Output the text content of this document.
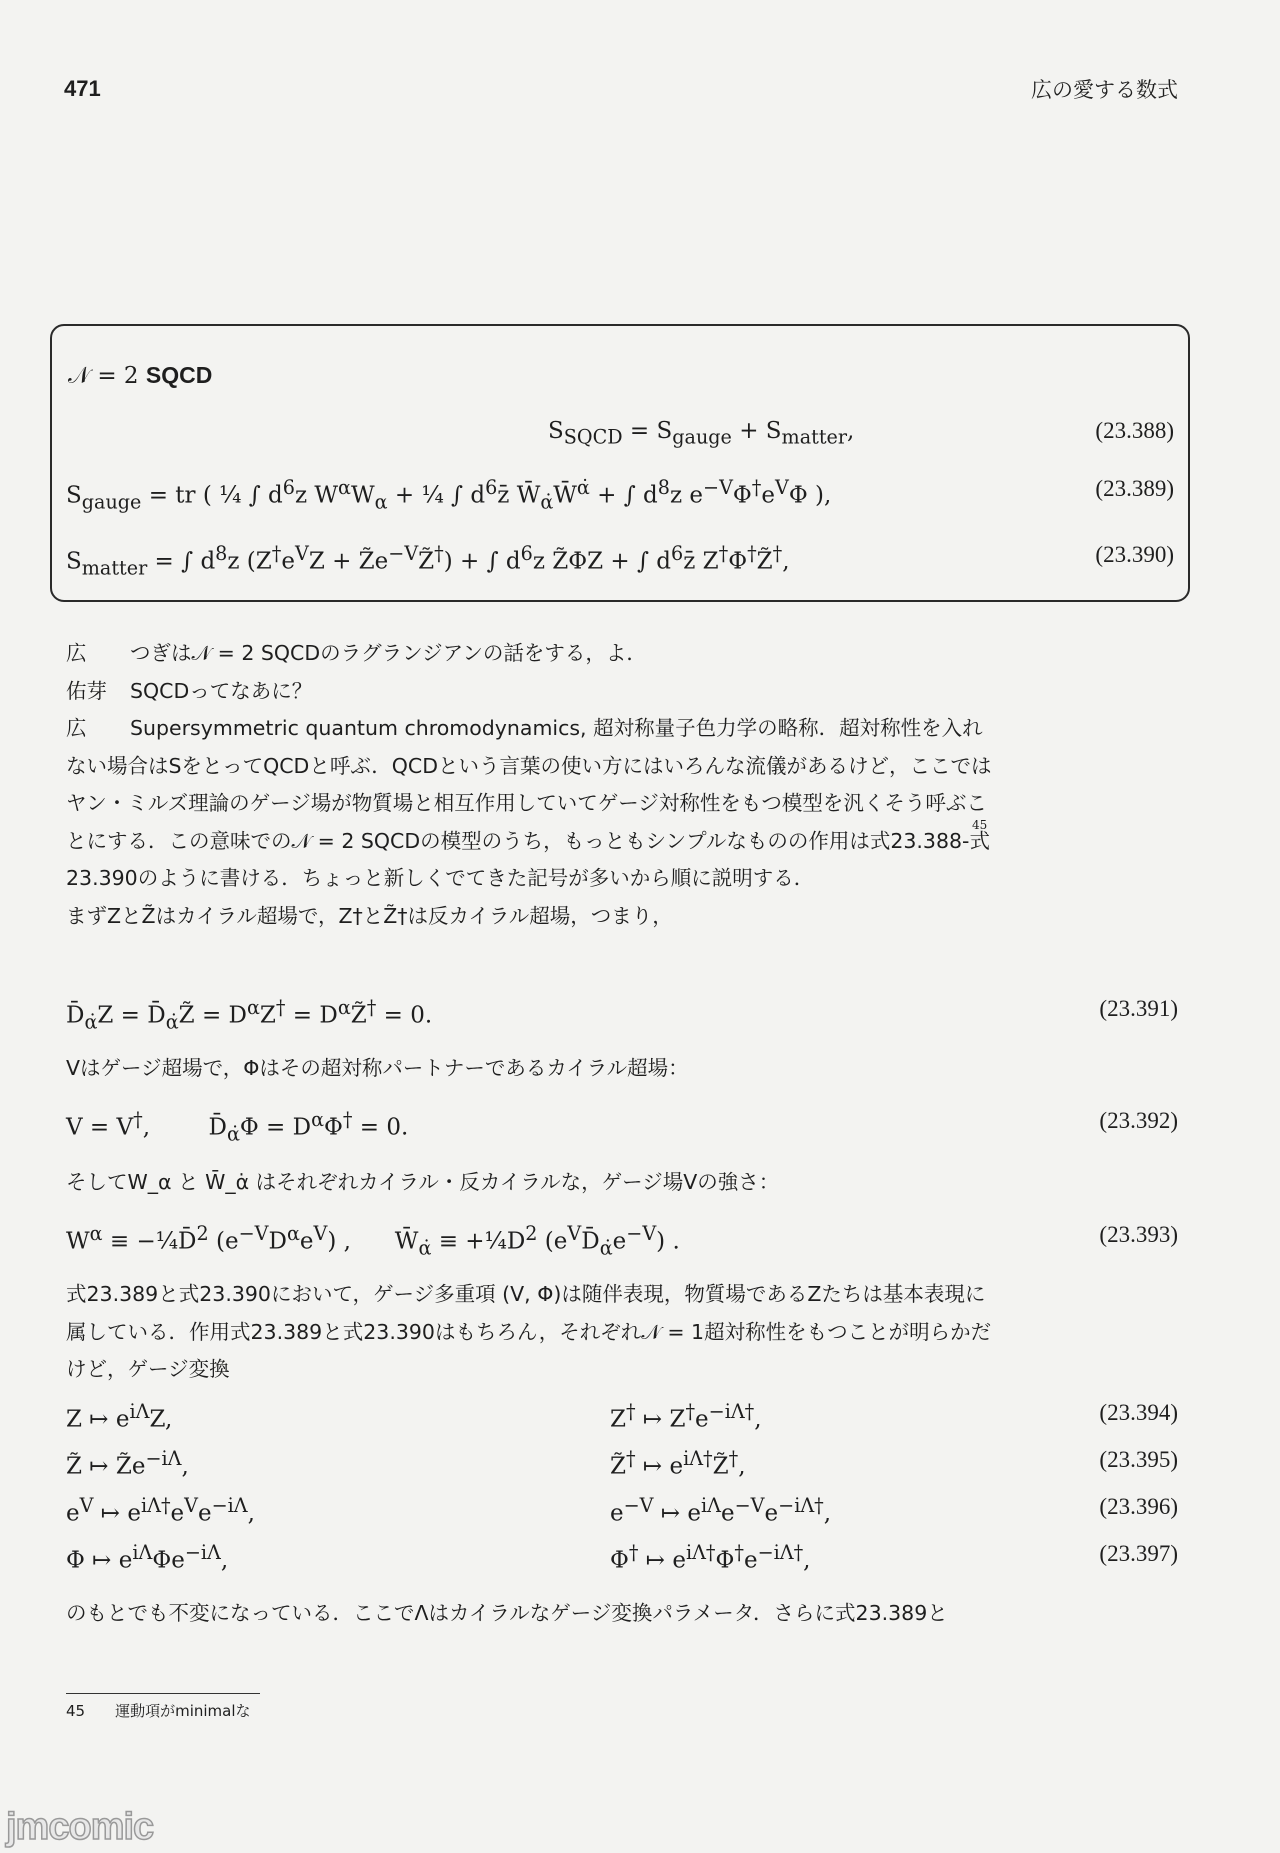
471	広の愛する数式
𝒩 = 2 SQCD
$S_{SQCD} = S_{gauge} + S_{matter}$,	(23.388)
$S_{gauge}$ = tr ( ¼ ∫ $d^6z$ $W^\alpha W_\alpha$ + ¼ ∫ $d^6z̄$ $W̄_{\alphȧ}W̄^{\alphȧ}$ + ∫ $d^8z$ $e^{-V}\Phi^\dagger e^V\Phi$ ),	(23.389)
$S_{matter}$ = ∫ $d^8z$ ($Z^\dagger e^VZ$ + $Z̃e^{-V}Z̃^\dagger$) + ∫ $d^6z$ Z̃ΦZ + ∫ $d^6z̄$ Z†Φ†Z̃†,	(23.390)

広 つぎは𝒩 = 2 SQCDのラグランジアンの話をする，よ．

佑芽 SQCDってなあに？

広 Supersymmetric quantum chromodynamics, 超対称量子色力学の略称．超対称性を入れない場合はSをとってQCDと呼ぶ．QCDという言葉の使い方にはいろんな流儀があるけど，ここではヤン・ミルズ理論のゲージ場が物質場と相互作用していてゲージ対称性をもつ模型を汎くそう呼ぶことにする．この意味での𝒩 = 2 SQCDの模型のうち，もっともシンプルなものの作用は式23.388-式23.390のように書ける．ちょっと新しくでてきた記号が多いから順に説明する．

まずZとZ̃はカイラル超場で，Z†とZ̃†は反カイラル超場，つまり，

45
$D̄_{\alphȧ}Z$ = $D̄_{\alphȧ}Z̃ = D^\alpha Z^\dagger$ = $D^\alpha Z̃^\dagger = 0$.	(23.391)
Vはゲージ超場で，Φはその超対称パートナーであるカイラル超場：
V = V†,        $D̄_{\alphȧ}\Phi = D^\alpha\Phi^\dagger = 0$.	(23.392)
そしてW_α と W̄_α̇ はそれぞれカイラル・反カイラルな，ゲージ場Vの強さ：
$W^\alpha$ ≡ −¼D̄$^2$ $(e^{-V}D^\alpha e^V)$ ,      $W̄_{\alphȧ}$ ≡ $+\frac{1}{4}D^2$ $(e^VD̄_{\alphȧ}e^{-V})$ .	(23.393)
式23.389と式23.390において，ゲージ多重項 (V, Φ)は随伴表現，物質場であるZたちは基本表現に属している．作用式23.389と式23.390はもちろん，それぞれ𝒩 = 1超対称性をもつことが明らかだけど，ゲージ変換
Z ↦ $e^{i\Lambda}Z$,	Z† ↦ $Z^\dagger e^{-i\Lambda\dagger}$,	(23.394)
Z̃ ↦ $Z̃e^{-i\Lambda}$,	Z̃† ↦ $e^{i\Lambda\dagger}Z̃^\dagger$,	(23.395)
$e^V$ ↦ $e^{i\Lambda\dagger}e^Ve^{-i\Lambda}$,	$e^{-V}$ ↦ $e^{i\Lambda}e^{-V}e^{-i\Lambda\dagger}$,	(23.396)
Φ ↦ $e^{i\Lambda}\Phi e^{-i\Lambda}$,	Φ† ↦ $e^{i\Lambda\dagger}\Phi^\dagger e^{-i\Lambda\dagger}$,	(23.397)
のもとでも不変になっている．ここでΛはカイラルなゲージ変換パラメータ．さらに式23.389と
45 運動項がminimalな
jmcomic
